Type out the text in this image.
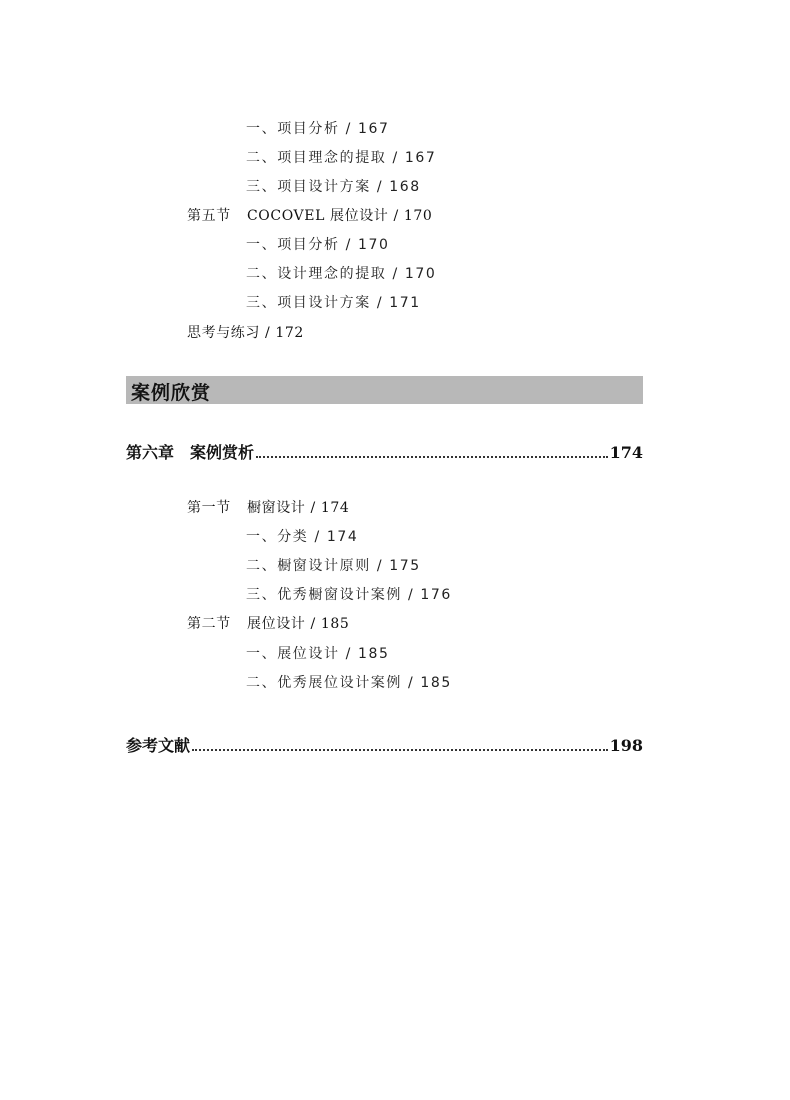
一、项目分析 / 167
二、项目理念的提取 / 167
三、项目设计方案 / 168
第五节 COCOVEL 展位设计 / 170
一、项目分析 / 170
二、设计理念的提取 / 170
三、项目设计方案 / 171
思考与练习 / 172
案例欣赏
第六章　案例赏析	174
第一节 橱窗设计 / 174
一、分类 / 174
二、橱窗设计原则 / 175
三、优秀橱窗设计案例 / 176
第二节 展位设计 / 185
一、展位设计 / 185
二、优秀展位设计案例 / 185
参考文献	198
